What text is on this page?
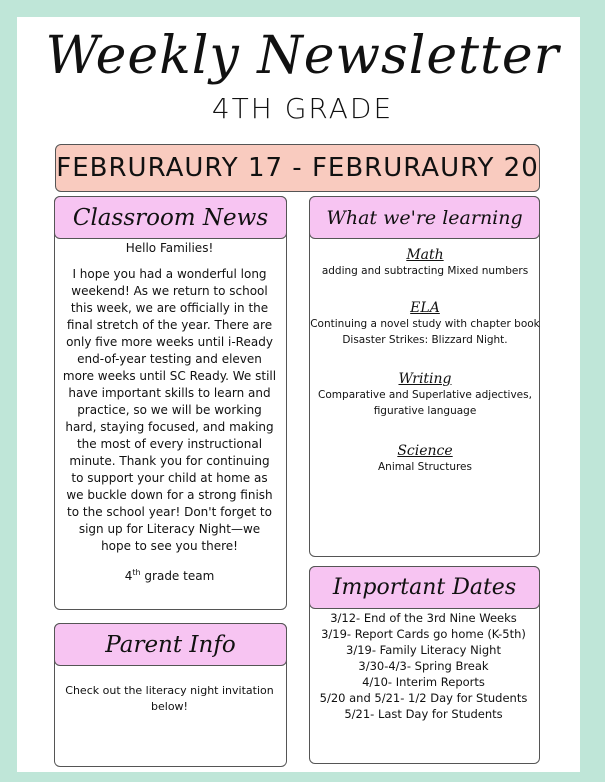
Weekly Newsletter
4TH GRADE
FEBRURAURY 17 - FEBRURAURY 20
Classroom News

Hello Families!

I hope you had a wonderful long weekend! As we return to school this week, we are officially in the final stretch of the year. There are only five more weeks until i-Ready end-of-year testing and eleven more weeks until SC Ready. We still have important skills to learn and practice, so we will be working hard, staying focused, and making the most of every instructional minute. Thank you for continuing to support your child at home as we buckle down for a strong finish to the school year! Don't forget to sign up for Literacy Night—we hope to see you there!

4th grade team

What we're learning
Math
adding and subtracting Mixed numbers
ELA
Continuing a novel study with chapter book Disaster Strikes: Blizzard Night.
Writing
Comparative and Superlative adjectives, figurative language
Science
Animal Structures
Parent Info
Check out the literacy night invitation below!
Important Dates
3/12- End of the 3rd Nine Weeks
3/19- Report Cards go home (K-5th)
3/19- Family Literacy Night
3/30-4/3- Spring Break
4/10- Interim Reports
5/20 and 5/21- 1/2 Day for Students
5/21- Last Day for Students
